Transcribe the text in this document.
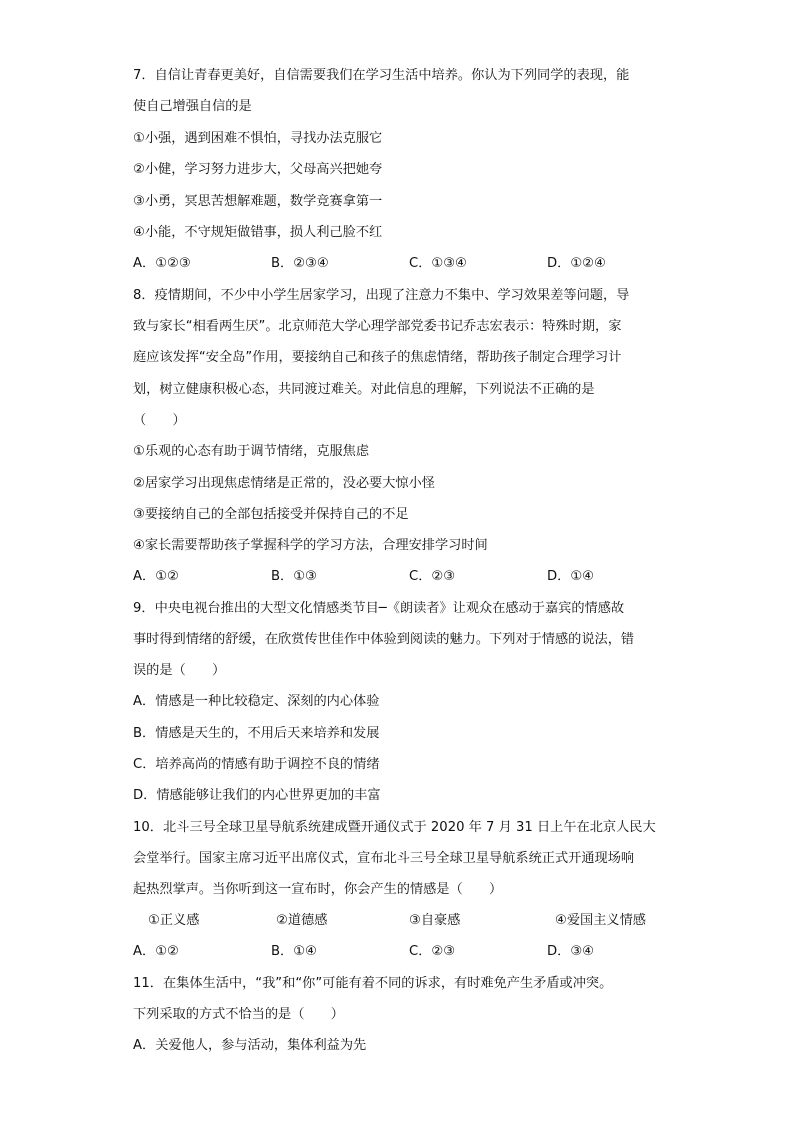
7．自信让青春更美好，自信需要我们在学习生活中培养。你认为下列同学的表现，能
使自己增强自信的是
①小强，遇到困难不惧怕，寻找办法克服它
②小健，学习努力进步大，父母高兴把她夸
③小勇，冥思苦想解难题，数学竞赛拿第一
④小能，不守规矩做错事，损人利己脸不红
A．①②③	B．②③④	C．①③④	D．①②④
8．疫情期间，不少中小学生居家学习，出现了注意力不集中、学习效果差等问题，导
致与家长“相看两生厌”。北京师范大学心理学部党委书记乔志宏表示：特殊时期，家
庭应该发挥“安全岛”作用，要接纳自己和孩子的焦虑情绪，帮助孩子制定合理学习计
划，树立健康积极心态，共同渡过难关。对此信息的理解，下列说法不正确的是
（　　）
①乐观的心态有助于调节情绪，克服焦虑
②居家学习出现焦虑情绪是正常的，没必要大惊小怪
③要接纳自己的全部包括接受并保持自己的不足
④家长需要帮助孩子掌握科学的学习方法，合理安排学习时间
A．①②	B．①③	C．②③	D．①④
9．中央电视台推出的大型文化情感类节目─《朗读者》让观众在感动于嘉宾的情感故
事时得到情绪的舒缓，在欣赏传世佳作中体验到阅读的魅力。下列对于情感的说法，错
误的是（　　）
A．情感是一种比较稳定、深刻的内心体验
B．情感是天生的，不用后天来培养和发展
C．培养高尚的情感有助于调控不良的情绪
D．情感能够让我们的内心世界更加的丰富
10．北斗三号全球卫星导航系统建成暨开通仪式于 2020 年 7 月 31 日上午在北京人民大
会堂举行。国家主席习近平出席仪式，宣布北斗三号全球卫星导航系统正式开通现场响
起热烈掌声。当你听到这一宣布时，你会产生的情感是（　　）
①正义感	②道德感	③自豪感	④爱国主义情感
A．①②	B．①④	C．②③	D．③④
11．在集体生活中，“我”和“你”可能有着不同的诉求，有时难免产生矛盾或冲突。
下列采取的方式不恰当的是（　　）
A．关爱他人，参与活动，集体利益为先
